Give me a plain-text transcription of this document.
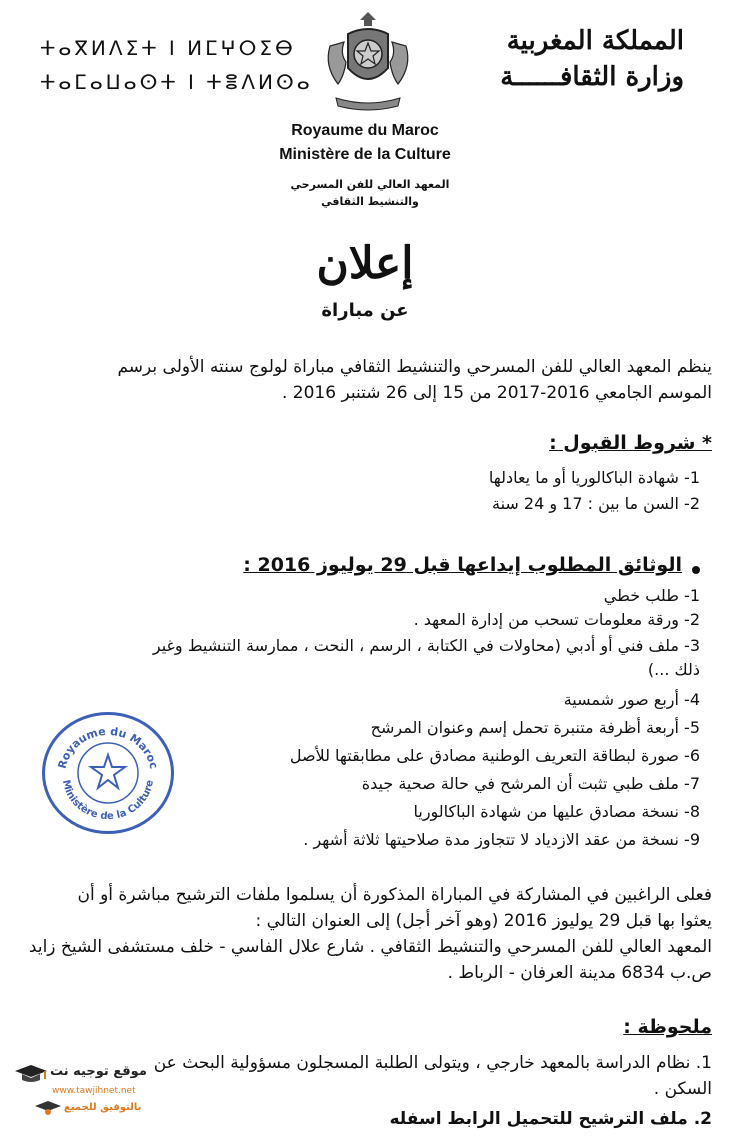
ⵜⴰⴳⵍⴷⵉⵜ ⵏ ⵍⵎⵖⵔⵉⴱ
ⵜⴰⵎⴰⵡⴰⵙⵜ ⵏ ⵜⴻⴷⵍⵙⴰ
المملكة المغربية
وزارة الثقافــــــة
Royaume du Maroc
Ministère de la Culture
المعهد العالي للفن المسرحي
والتنشيط الثقافي
إعلان
عن مباراة
ينظم المعهد العالي للفن المسرحي والتنشيط الثقافي مباراة لولوج سنته الأولى برسم
الموسم الجامعي 2016-2017 من 15 إلى 26 شتنبر 2016 .
* شروط القبول :
1- شهادة الباكالوريا أو ما يعادلها
2- السن ما بين : 17 و 24 سنة
الوثائق المطلوب إيداعها قبل 29 يوليوز 2016 :
1- طلب خطي
2- ورقة معلومات تسحب من إدارة المعهد .
3- ملف فني أو أدبي (محاولات في الكتابة ، الرسم ، النحت ، ممارسة التنشيط وغير
ذلك ...)
4- أربع صور شمسية
5- أربعة أظرفة متنبرة تحمل إسم وعنوان المرشح
6- صورة لبطاقة التعريف الوطنية مصادق على مطابقتها للأصل
7- ملف طبي تثبت أن المرشح في حالة صحية جيدة
8- نسخة مصادق عليها من شهادة الباكالوريا
9- نسخة من عقد الازدياد لا تتجاوز مدة صلاحيتها ثلاثة أشهر .
Royaume du Maroc
Ministère de la Culture
فعلى الراغبين في المشاركة في المباراة المذكورة أن يسلموا ملفات الترشيح مباشرة أو أن
يعثوا بها قبل 29 يوليوز 2016 (وهو آخر أجل) إلى العنوان التالي :
المعهد العالي للفن المسرحي والتنشيط الثقافي . شارع علال الفاسي - خلف مستشفى الشيخ زايد
ص.ب 6834 مدينة العرفان - الرباط .
ملحوظة :
1. نظام الدراسة بالمعهد خارجي ، ويتولى الطلبة المسجلون مسؤولية البحث عن
السكن .
2. ملف الترشيح للتحميل الرابط اسفله
موقع توجيه نت
www.tawjihnet.net
بالتوفيق للجميع
